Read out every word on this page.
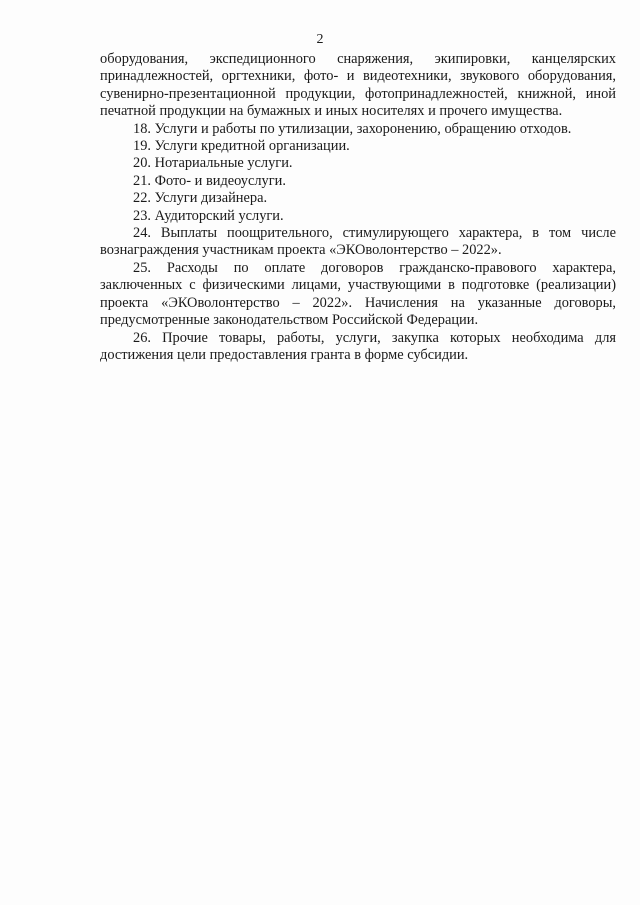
2

оборудования, экспедиционного снаряжения, экипировки, канцелярских принадлежностей, оргтехники, фото- и видеотехники, звукового оборудования, сувенирно-презентационной продукции, фотопринадлежностей, книжной, иной печатной продукции на бумажных и иных носителях и прочего имущества.

18. Услуги и работы по утилизации, захоронению, обращению отходов.

19. Услуги кредитной организации.

20. Нотариальные услуги.

21. Фото- и видеоуслуги.

22. Услуги дизайнера.

23. Аудиторский услуги.

24. Выплаты поощрительного, стимулирующего характера, в том числе вознаграждения участникам проекта «ЭКОволонтерство – 2022».

25. Расходы по оплате договоров гражданско-правового характера, заключенных с физическими лицами, участвующими в подготовке (реализации) проекта «ЭКОволонтерство – 2022». Начисления на указанные договоры, предусмотренные законодательством Российской Федерации.

26. Прочие товары, работы, услуги, закупка которых необходима для достижения цели предоставления гранта в форме субсидии.
